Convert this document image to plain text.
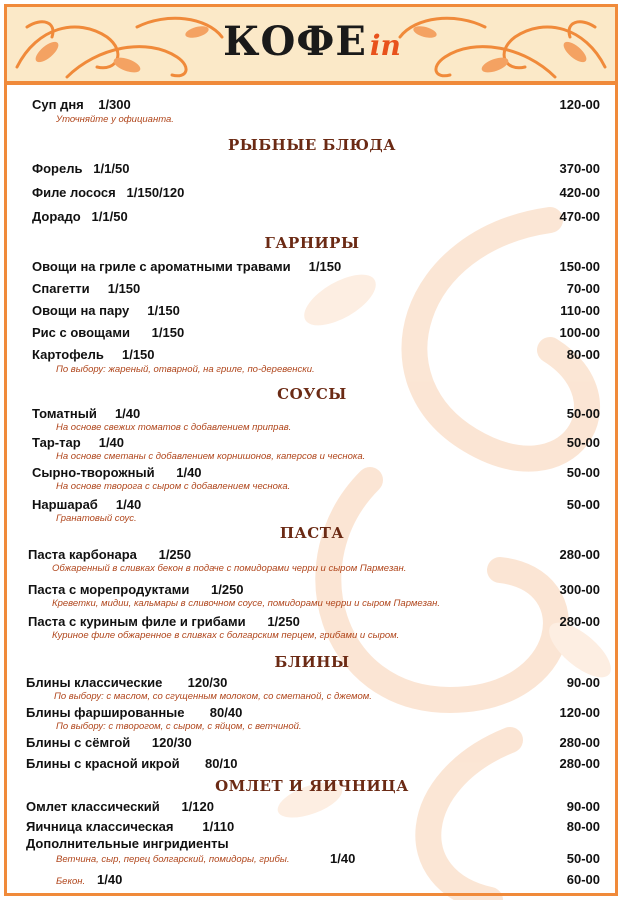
КОФЕ in
Суп дня    1/300	120-00
Уточняйте у официанта.
РЫБНЫЕ БЛЮДА
Форель   1/1/50	370-00
Филе лосося   1/150/120	420-00
Дорадо   1/1/50	470-00
ГАРНИРЫ
Овощи на гриле с ароматными травами     1/150	150-00
Спагетти     1/150	70-00
Овощи на пару     1/150	110-00
Рис с овощами      1/150	100-00
Картофель     1/150	80-00
По выбору: жареный, отварной, на гриле, по-деревенски.
СОУСЫ
Томатный     1/40	50-00
На основе свежих томатов с добавлением приправ.
Тар-тар     1/40	50-00
На основе сметаны с добавлением корнишонов, каперсов и чеснока.
Сырно-творожный      1/40	50-00
На основе творога с сыром с добавлением чеснока.
Наршараб     1/40	50-00
Гранатовый соус.
ПАСТА
Паста карбонара      1/250	280-00
Обжаренный в сливках бекон в подаче с помидорами черри и сыром Пармезан.
Паста с морепродуктами      1/250	300-00
Креветки, мидии, кальмары в сливочном соусе, помидорами черри и сыром Пармезан.
Паста с куриным филе и грибами      1/250	280-00
Куриное филе обжаренное в сливках с болгарским перцем, грибами и сыром.
БЛИНЫ
Блины классические       120/30	90-00
По выбору: с маслом, со сгущенным молоком, со сметаной, с джемом.
Блины фаршированные       80/40	120-00
По выбору: с творогом, с сыром, с яйцом, с ветчиной.
Блины с сёмгой      120/30	280-00
Блины с красной икрой       80/10	280-00
ОМЛЕТ И ЯИЧНИЦА
Омлет классический      1/120	90-00
Яичница классическая        1/110	80-00
Дополнительные ингридиенты
Ветчина, сыр, перец болгарский, помидоры, грибы.	1/40	50-00
Бекон. 1/40	60-00
